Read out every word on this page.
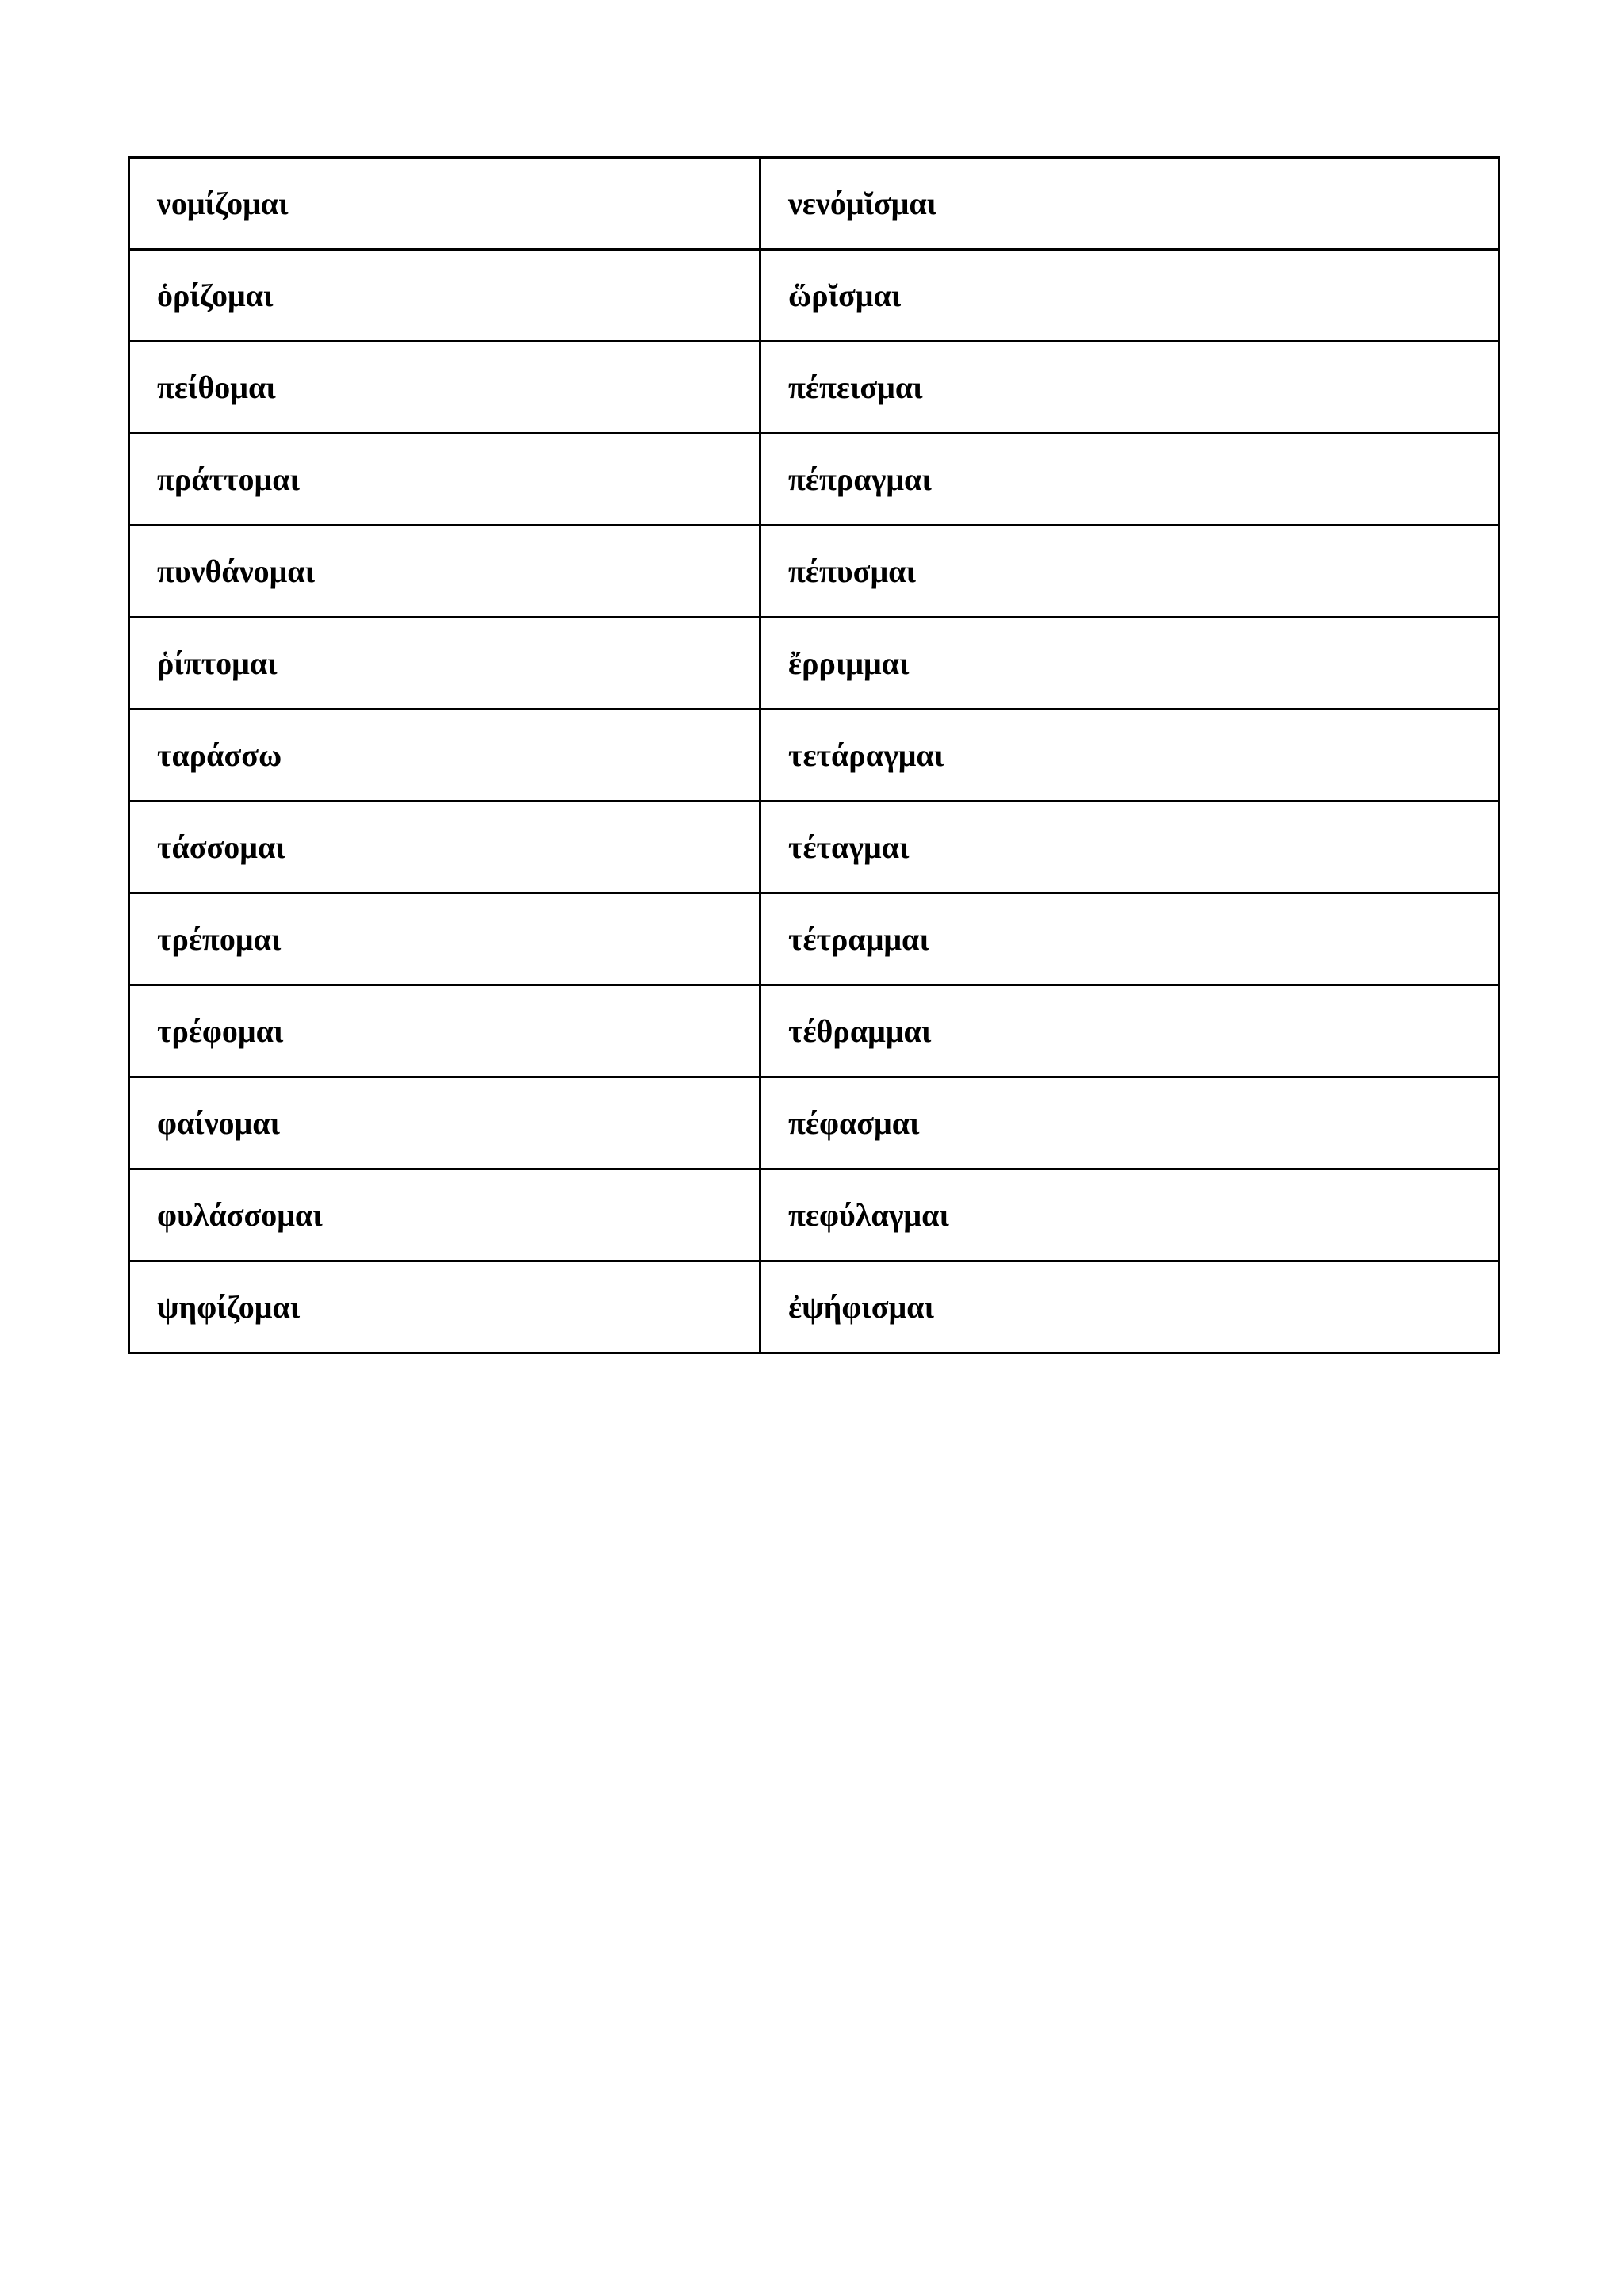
νομίζομαι	νενόμῐσμαι
ὁρίζομαι	ὥρῐσμαι
πείθομαι	πέπεισμαι
πράττομαι	πέπραγμαι
πυνθάνομαι	πέπυσμαι
ῥίπτομαι	ἔρριμμαι
ταράσσω	τετάραγμαι
τάσσομαι	τέταγμαι
τρέπομαι	τέτραμμαι
τρέφομαι	τέθραμμαι
φαίνομαι	πέφασμαι
φυλάσσομαι	πεφύλαγμαι
ψηφίζομαι	ἐψήφισμαι
